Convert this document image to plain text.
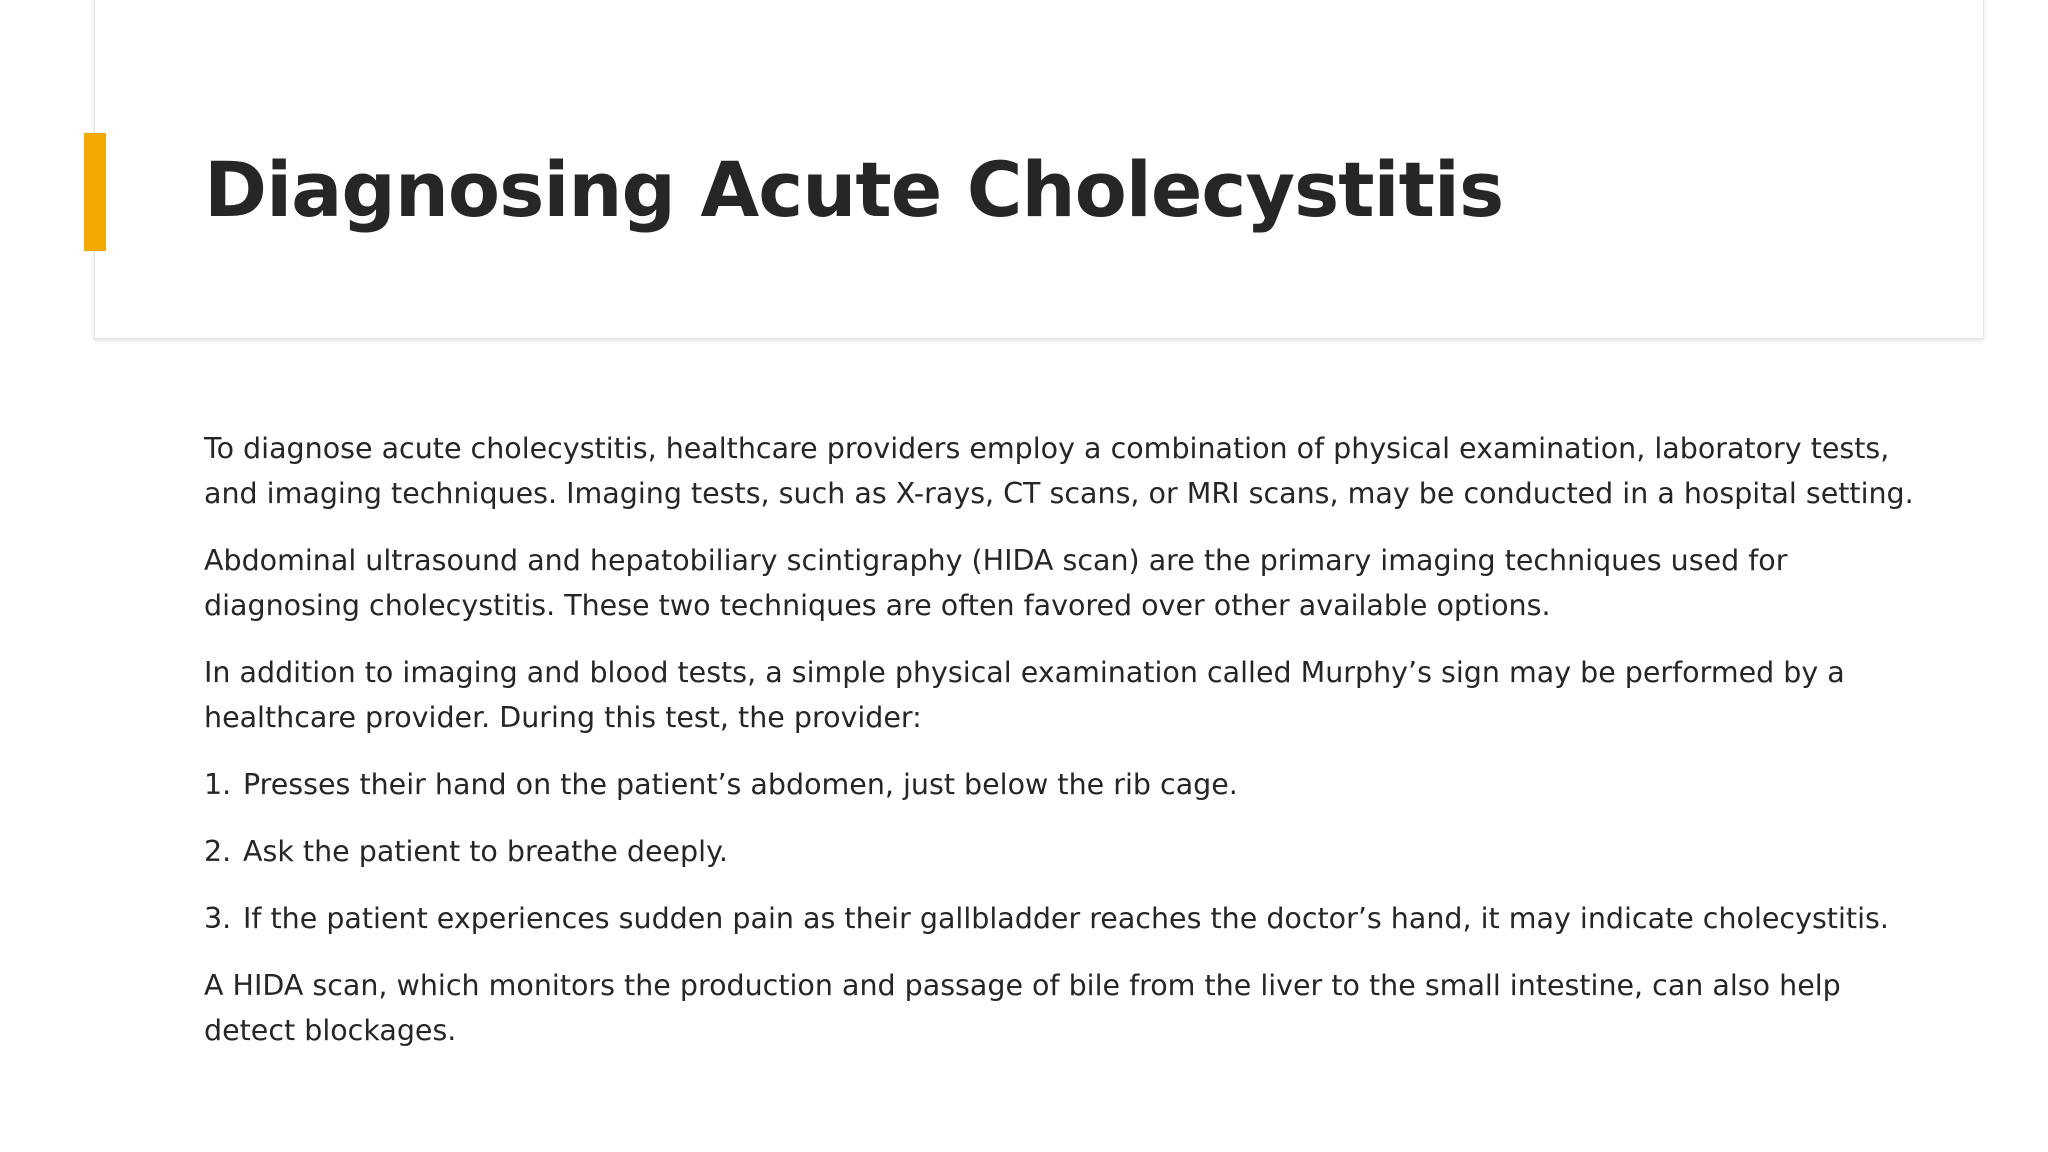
Diagnosing Acute Cholecystitis

To diagnose acute cholecystitis, healthcare providers employ a combination of physical examination, laboratory tests, and imaging techniques. Imaging tests, such as X-rays, CT scans, or MRI scans, may be conducted in a hospital setting.

Abdominal ultrasound and hepatobiliary scintigraphy (HIDA scan) are the primary imaging techniques used for diagnosing cholecystitis. These two techniques are often favored over other available options.

In addition to imaging and blood tests, a simple physical examination called Murphy’s sign may be performed by a healthcare provider. During this test, the provider:

1. Presses their hand on the patient’s abdomen, just below the rib cage.
2. Ask the patient to breathe deeply.
3. If the patient experiences sudden pain as their gallbladder reaches the doctor’s hand, it may indicate cholecystitis.

A HIDA scan, which monitors the production and passage of bile from the liver to the small intestine, can also help detect blockages.
